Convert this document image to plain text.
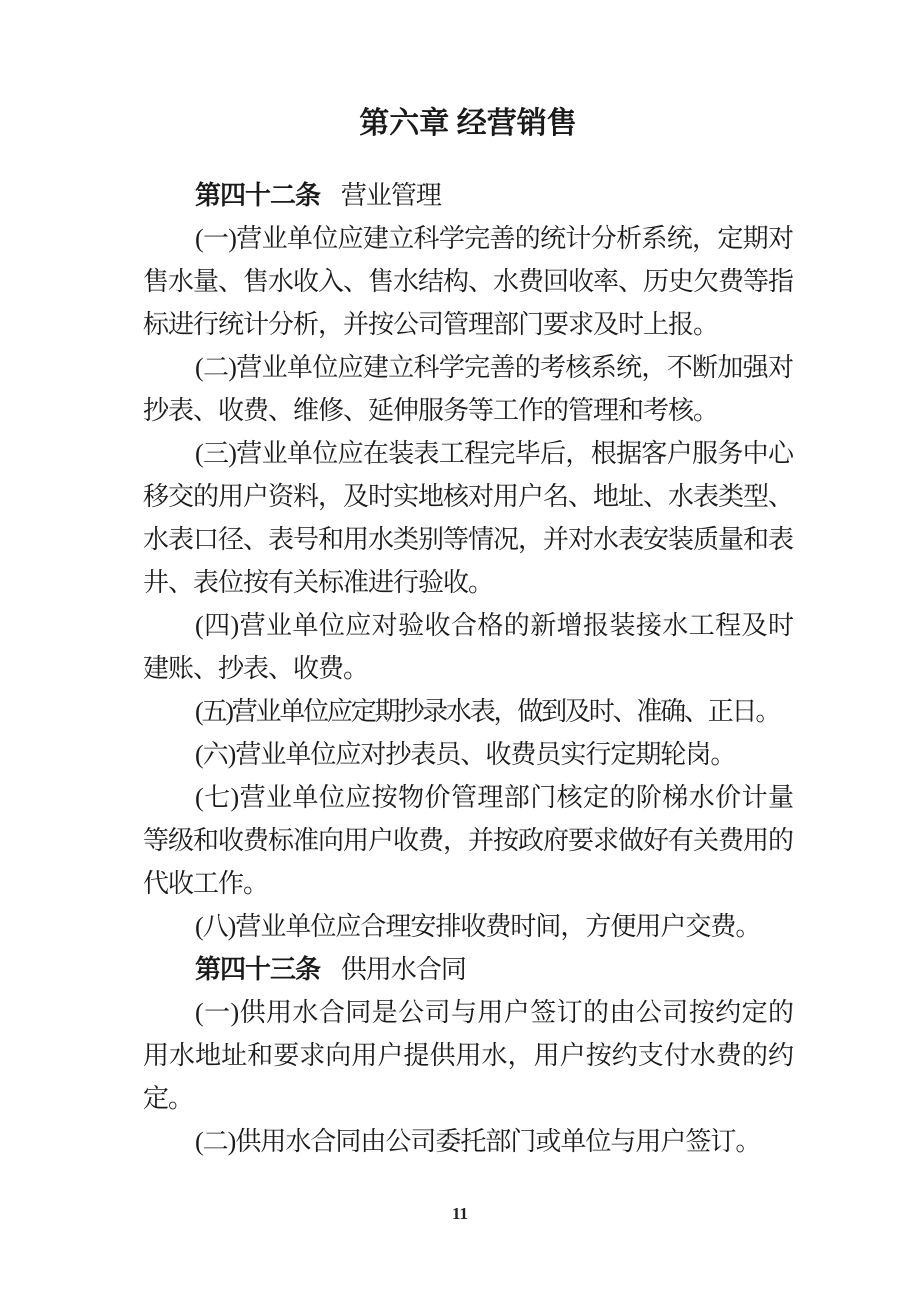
第六章 经营销售
第四十二条 营业管理
(一)营业单位应建立科学完善的统计分析系统，定期对
售水量、售水收入、售水结构、水费回收率、历史欠费等指
标进行统计分析，并按公司管理部门要求及时上报。
(二)营业单位应建立科学完善的考核系统，不断加强对
抄表、收费、维修、延伸服务等工作的管理和考核。
(三)营业单位应在装表工程完毕后，根据客户服务中心
移交的用户资料，及时实地核对用户名、地址、水表类型、
水表口径、表号和用水类别等情况，并对水表安装质量和表
井、表位按有关标准进行验收。
(四)营业单位应对验收合格的新增报装接水工程及时
建账、抄表、收费。
(五)营业单位应定期抄录水表，做到及时、准确、正日。
(六)营业单位应对抄表员、收费员实行定期轮岗。
(七)营业单位应按物价管理部门核定的阶梯水价计量
等级和收费标准向用户收费，并按政府要求做好有关费用的
代收工作。
(八)营业单位应合理安排收费时间，方便用户交费。
第四十三条 供用水合同
(一)供用水合同是公司与用户签订的由公司按约定的
用水地址和要求向用户提供用水，用户按约支付水费的约
定。
(二)供用水合同由公司委托部门或单位与用户签订。
11
